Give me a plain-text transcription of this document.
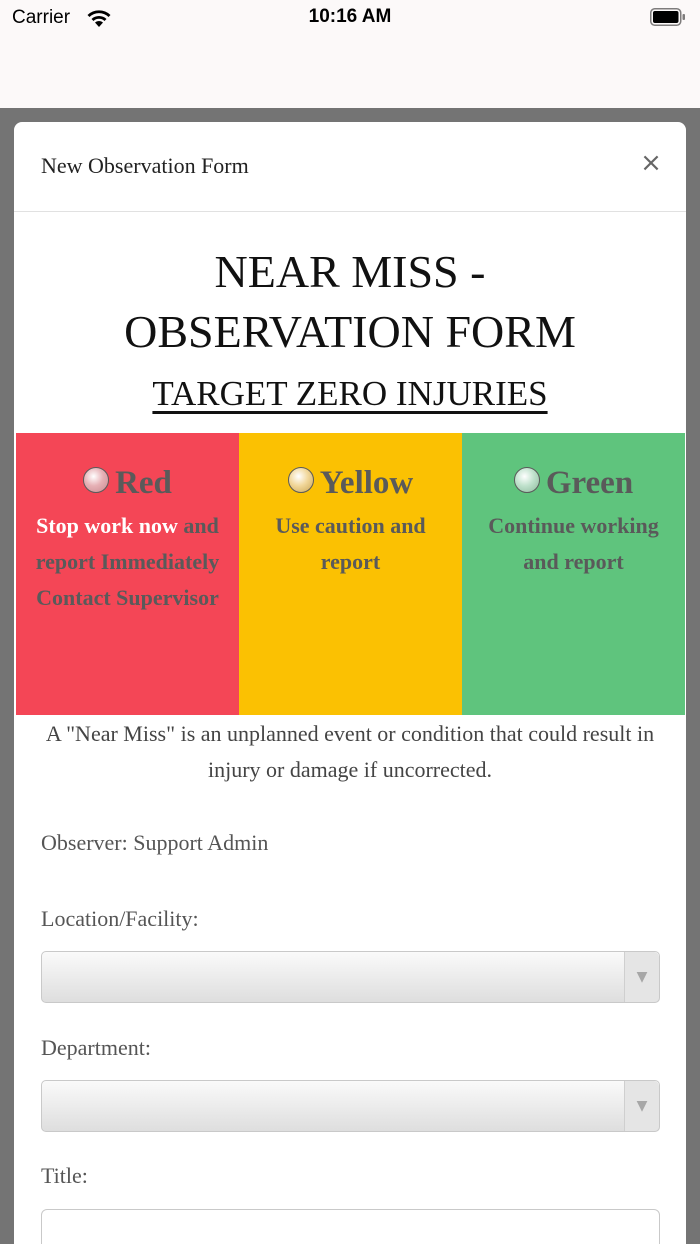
Carrier	10:16 AM
New Observation Form	×
NEAR MISS -
OBSERVATION FORM
TARGET ZERO INJURIES
Red
Stop work now and report Immediately Contact Supervisor
Yellow
Use caution and report
Green
Continue working and report
A "Near Miss" is an unplanned event or condition that could result in injury or damage if uncorrected.
Observer: Support Admin
Location/Facility:
▼
Department:
▼
Title:
